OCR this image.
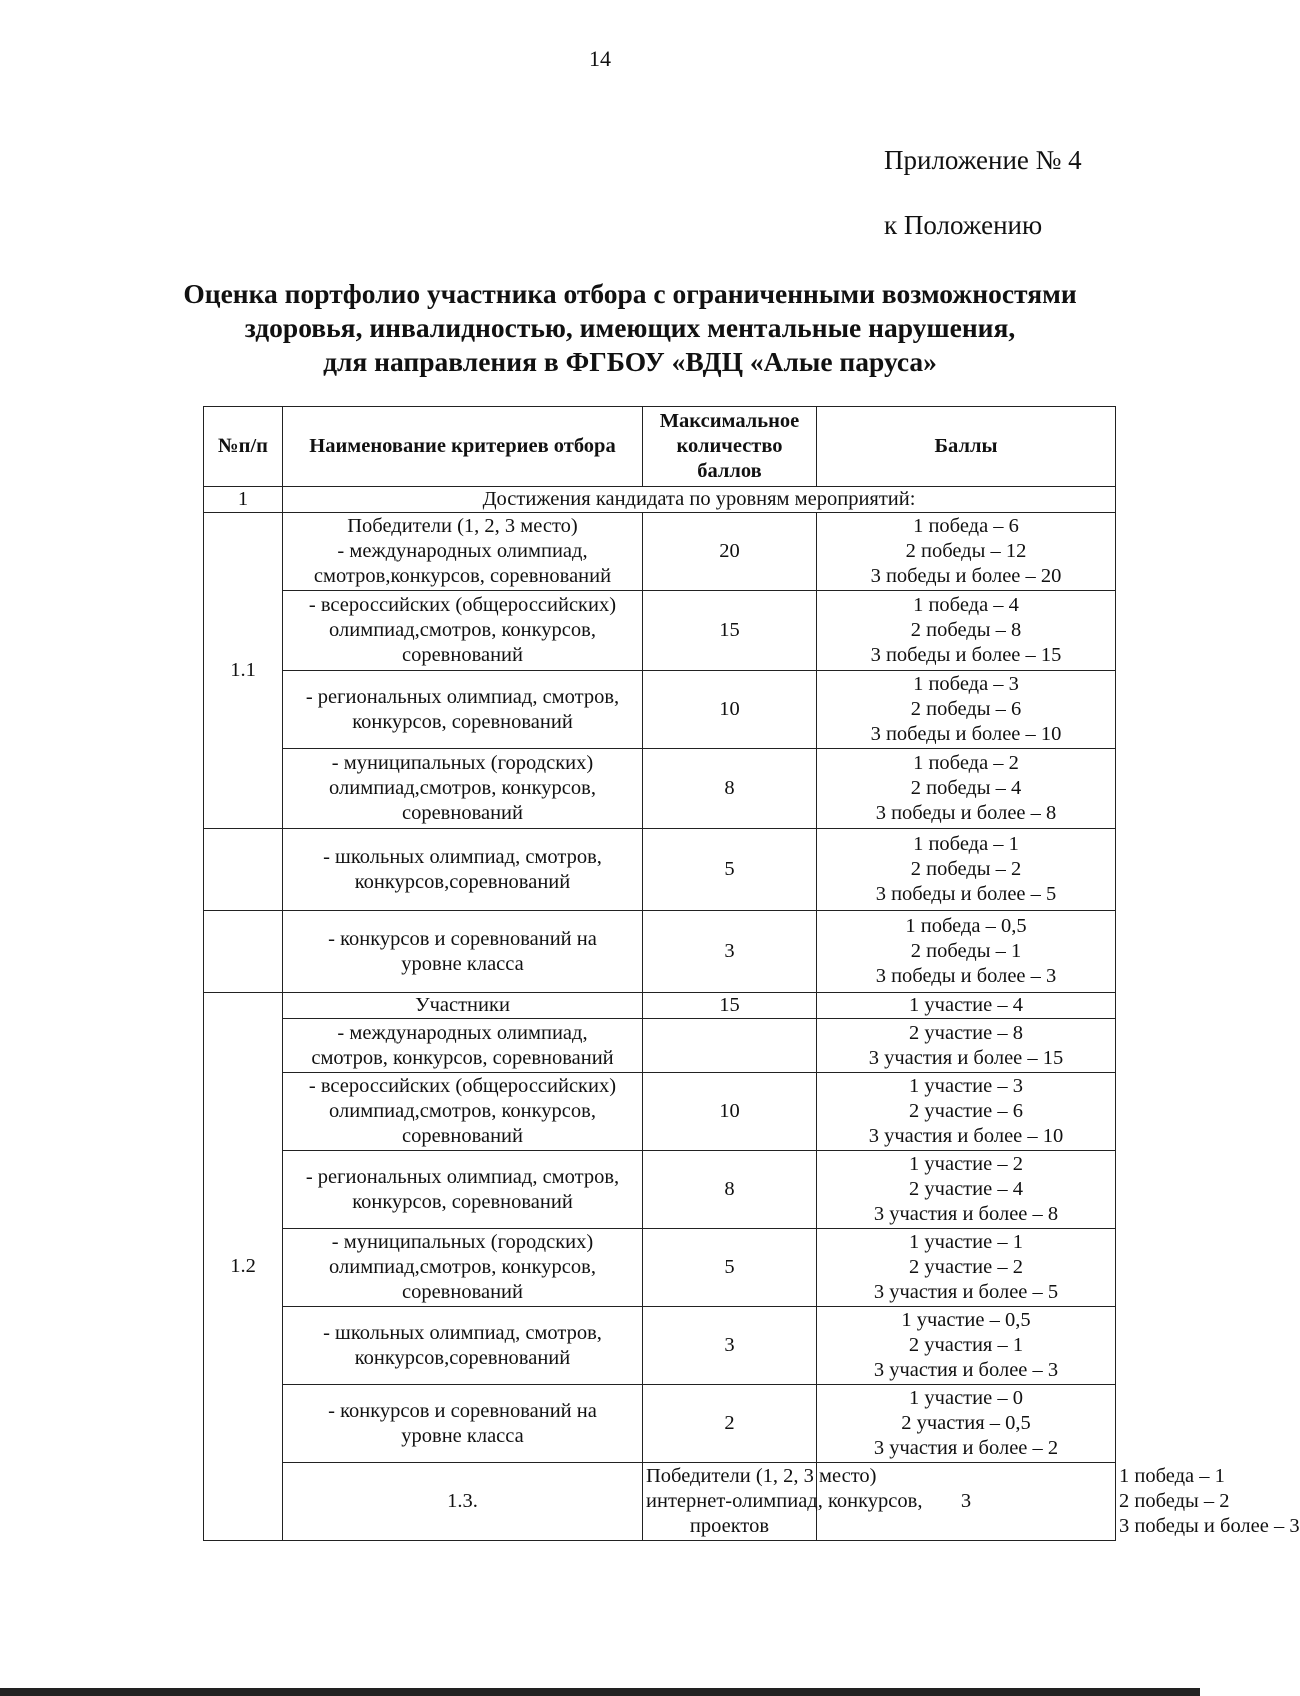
14
Приложение № 4
к Положению
Оценка портфолио участника отбора с ограниченными возможностями
здоровья, инвалидностью, имеющих ментальные нарушения,
для направления в ФГБОУ «ВДЦ «Алые паруса»
№п/п	Наименование критериев отбора	Максимальное
количество
баллов	Баллы	
1	Достижения кандидата по уровням мероприятий:			
1.1	Победители (1, 2, 3 место)
- международных олимпиад,
смотров,конкурсов, соревнований	20	1 победа – 6
2 победы – 12
3 победы и более – 20	

	- всероссийских (общероссийских)
олимпиад,смотров, конкурсов,
соревнований	15	1 победа – 4
2 победы – 8
3 победы и более – 15	

	- региональных олимпиад, смотров,
конкурсов, соревнований	10	1 победа – 3
2 победы – 6
3 победы и более – 10	

	- муниципальных (городских)
олимпиад,смотров, конкурсов,
соревнований	8	1 победа – 2
2 победы – 4
3 победы и более – 8	

	- школьных олимпиад, смотров,
конкурсов,соревнований	5	1 победа – 1
2 победы – 2
3 победы и более – 5	

	- конкурсов и соревнований на
уровне класса	3	1 победа – 0,5
2 победы – 1
3 победы и более – 3	

1.2	Участники	15	1 участие – 4	

	- международных олимпиад,
смотров, конкурсов, соревнований		2 участие – 8
3 участия и более – 15	

	- всероссийских (общероссийских)
олимпиад,смотров, конкурсов,
соревнований	10	1 участие – 3
2 участие – 6
3 участия и более – 10	

	- региональных олимпиад, смотров,
конкурсов, соревнований	8	1 участие – 2
2 участие – 4
3 участия и более – 8	

	- муниципальных (городских)
олимпиад,смотров, конкурсов,
соревнований	5	1 участие – 1
2 участие – 2
3 участия и более – 5	

	- школьных олимпиад, смотров,
конкурсов,соревнований	3	1 участие – 0,5
2 участия – 1
3 участия и более – 3	

	- конкурсов и соревнований на
уровне класса	2	1 участие – 0
2 участия – 0,5
3 участия и более – 2	

	1.3.	Победители (1, 2, 3 место)
интернет-олимпиад, конкурсов,
проектов	3	1 победа – 1
2 победы – 2
3 победы и более – 3
